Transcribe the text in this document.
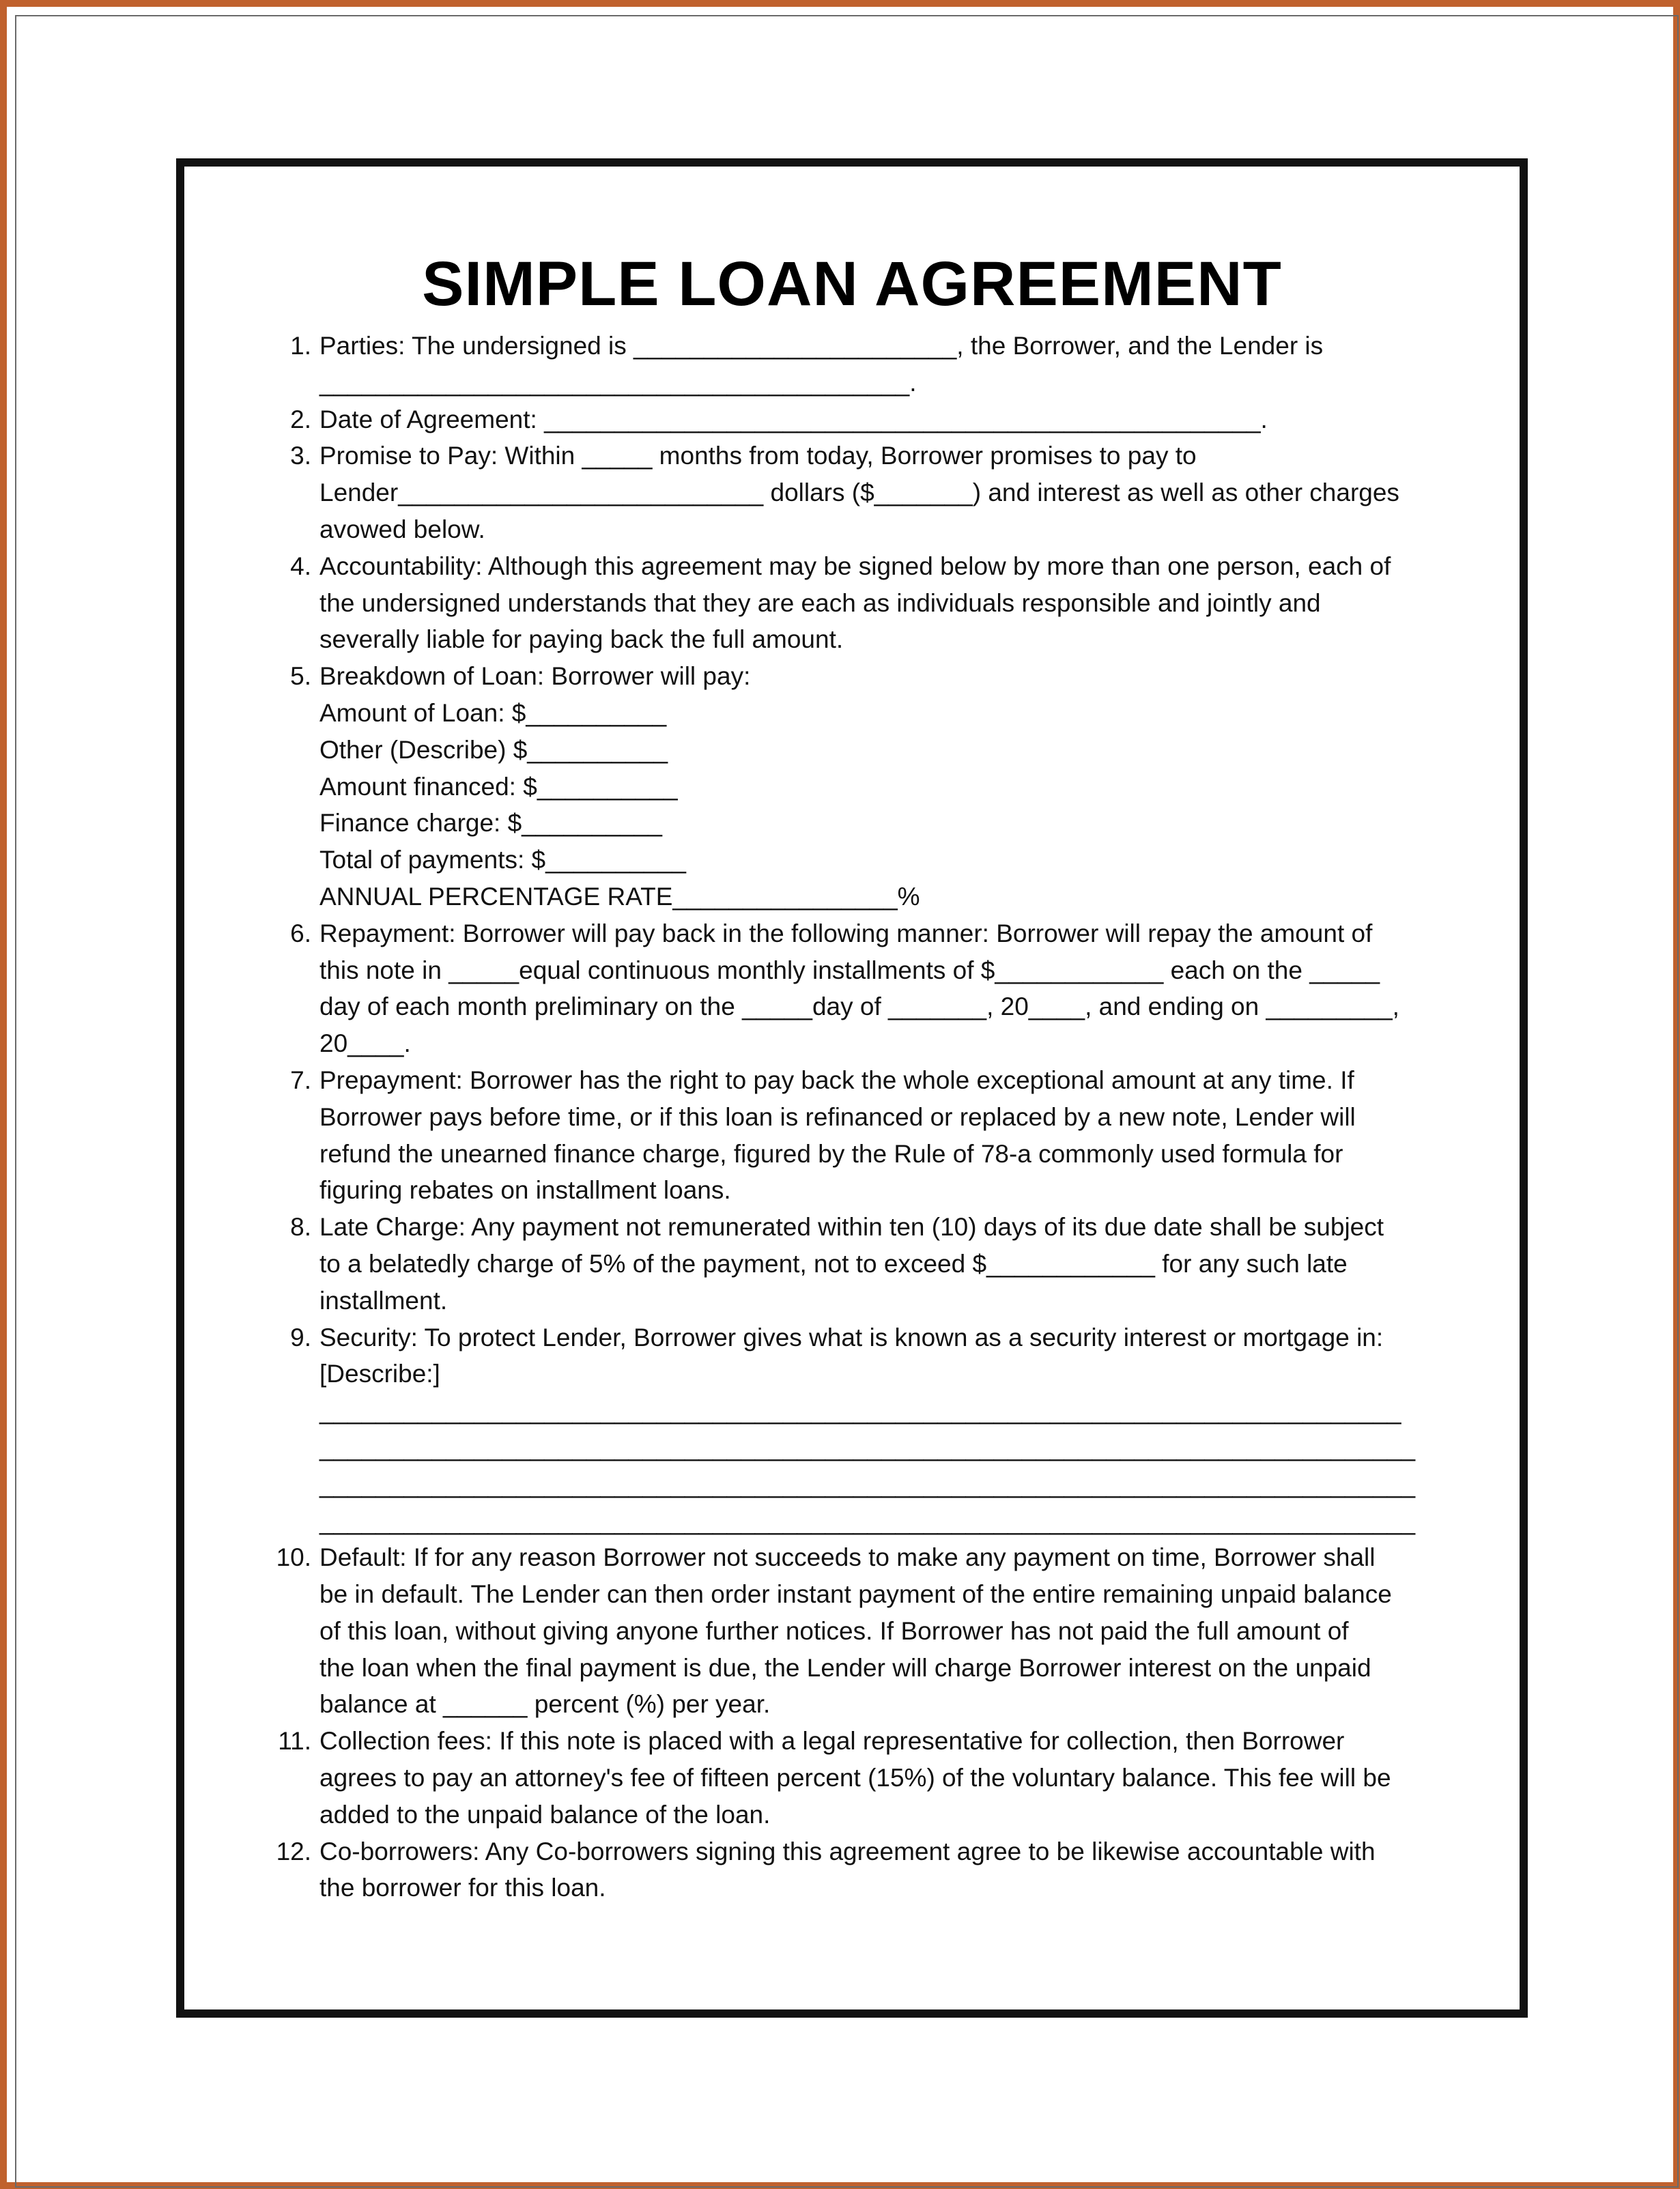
SIMPLE LOAN AGREEMENT
1. Parties: The undersigned is _______________________, the Borrower, and the Lender is
__________________________________________.
2. Date of Agreement: ___________________________________________________.
3. Promise to Pay: Within _____ months from today, Borrower promises to pay to
Lender__________________________ dollars ($_______) and interest as well as other charges
avowed below.
4. Accountability: Although this agreement may be signed below by more than one person, each of
the undersigned understands that they are each as individuals responsible and jointly and
severally liable for paying back the full amount.
5. Breakdown of Loan: Borrower will pay:
Amount of Loan: $__________
Other (Describe) $__________
Amount financed: $__________
Finance charge: $__________
Total of payments: $__________
ANNUAL PERCENTAGE RATE________________%
6. Repayment: Borrower will pay back in the following manner: Borrower will repay the amount of
this note in _____equal continuous monthly installments of $____________ each on the _____
day of each month preliminary on the _____day of _______, 20____, and ending on _________,
20____.
7. Prepayment: Borrower has the right to pay back the whole exceptional amount at any time. If
Borrower pays before time, or if this loan is refinanced or replaced by a new note, Lender will
refund the unearned finance charge, figured by the Rule of 78-a commonly used formula for
figuring rebates on installment loans.
8. Late Charge: Any payment not remunerated within ten (10) days of its due date shall be subject
to a belatedly charge of 5% of the payment, not to exceed $____________ for any such late
installment.
9. Security: To protect Lender, Borrower gives what is known as a security interest or mortgage in:
[Describe:]
_____________________________________________________________________________
______________________________________________________________________________
______________________________________________________________________________
______________________________________________________________________________
10. Default: If for any reason Borrower not succeeds to make any payment on time, Borrower shall
be in default. The Lender can then order instant payment of the entire remaining unpaid balance
of this loan, without giving anyone further notices. If Borrower has not paid the full amount of
the loan when the final payment is due, the Lender will charge Borrower interest on the unpaid
balance at ______ percent (%) per year.
11. Collection fees: If this note is placed with a legal representative for collection, then Borrower
agrees to pay an attorney's fee of fifteen percent (15%) of the voluntary balance. This fee will be
added to the unpaid balance of the loan.
12. Co-borrowers: Any Co-borrowers signing this agreement agree to be likewise accountable with
the borrower for this loan.
